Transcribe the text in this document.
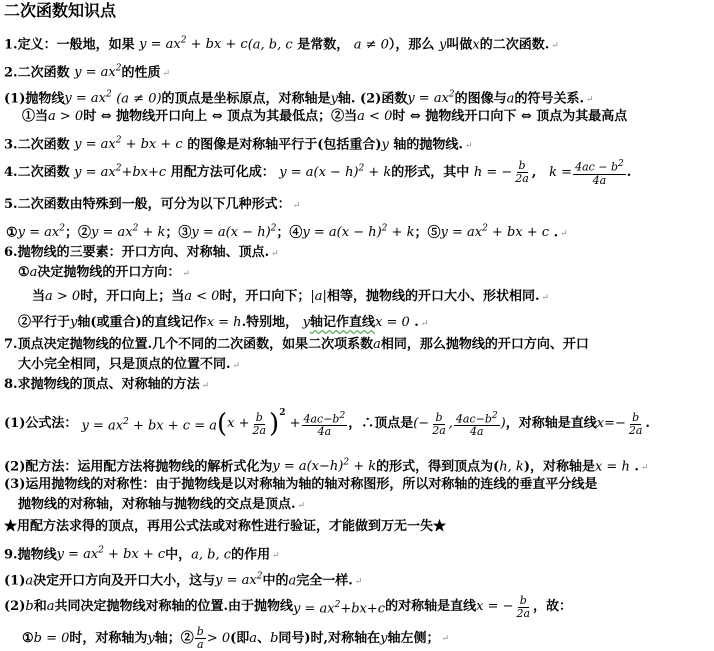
二次函数知识点
1.定义：一般地，如果 $y = ax^2$ + bx + c(a, b, c 是常数， a ≠ 0），那么 y叫做x的二次函数. ↵
2.二次函数 $y = ax^2$的性质 ↵
(1)抛物线$y = ax^2$ (a ≠ 0)的顶点是坐标原点，对称轴是y轴. (2)函数$y = ax^2$的图像与a的符号关系. ↵
①当a > 0时 ⇔ 抛物线开口向上 ⇔ 顶点为其最低点；②当a < 0时 ⇔ 抛物线开口向下 ⇔ 顶点为其最高点
3.二次函数 $y = ax^2$ + bx + c 的图像是对称轴平行于(包括重合)y 轴的抛物线. ↵
4.二次函数 $y = ax^2+bx+c$ 用配方法可化成： $y = a(x - h)^2 + k$的形式，其中 h = − $\frac{b}{2a}$ ,   $k = \frac{4ac - b^2}{4a}$ .
5.二次函数由特殊到一般，可分为以下几种形式： ↵
①y = $ax^2$；②y = $ax^2 + k$；③y = $a(x - h)^2$；④y = $a(x - h)^2 + k$；⑤y = $ax^2$ + bx + c . ↵
6.抛物线的三要素：开口方向、对称轴、顶点. ↵
①a决定抛物线的开口方向： ↵
当a > 0时，开口向上；当a < 0时，开口向下；|a|相等，抛物线的开口大小、形状相同. ↵
②平行于y轴(或重合)的直线记作x = h.特别地， y轴记作直线x = 0 . ↵
7.顶点决定抛物线的位置.几个不同的二次函数，如果二次项系数a相同，那么抛物线的开口方向、开口
大小完全相同，只是顶点的位置不同. ↵
8.求抛物线的顶点、对称轴的方法 ↵
(1)公式法： $y = ax^2$ + bx + c = a ( $x + \frac{b}{2a} )^2$
+ $\frac{4ac-b^2}{4a}$ ，∴顶点是 (− $\frac{b}{2a}$ , $\frac{4ac-b^2}{4a}$ ) ，对称轴是直线 $x=- \frac{b}{2a}$ .
(2)配方法：运用配方法将抛物线的解析式化为$y = a(x-h)^2 + k$的形式，得到顶点为(h, k)，对称轴是x = h . ↵
(3)运用抛物线的对称性：由于抛物线是以对称轴为轴的轴对称图形，所以对称轴的连线的垂直平分线是
抛物线的对称轴，对称轴与抛物线的交点是顶点. ↵
★用配方法求得的顶点，再用公式法或对称性进行验证，才能做到万无一失★
9.抛物线$y = ax^2$ + bx + c中，a, b, c的作用 ↵
(1)a决定开口方向及开口大小，这与$y = ax^2$中的a完全一样. ↵
(2) b 和 a 共同决定抛物线对称轴的位置.由于抛物线 $y = ax^2+bx+c$ 的对称轴是直线 x = − $\frac{b}{2a}$ ，故：
① b = 0 时，对称轴为 y 轴；② $\frac{b}{a} > 0$ (即 a 、 b 同号)时,对称轴在 y 轴左侧； ↵
